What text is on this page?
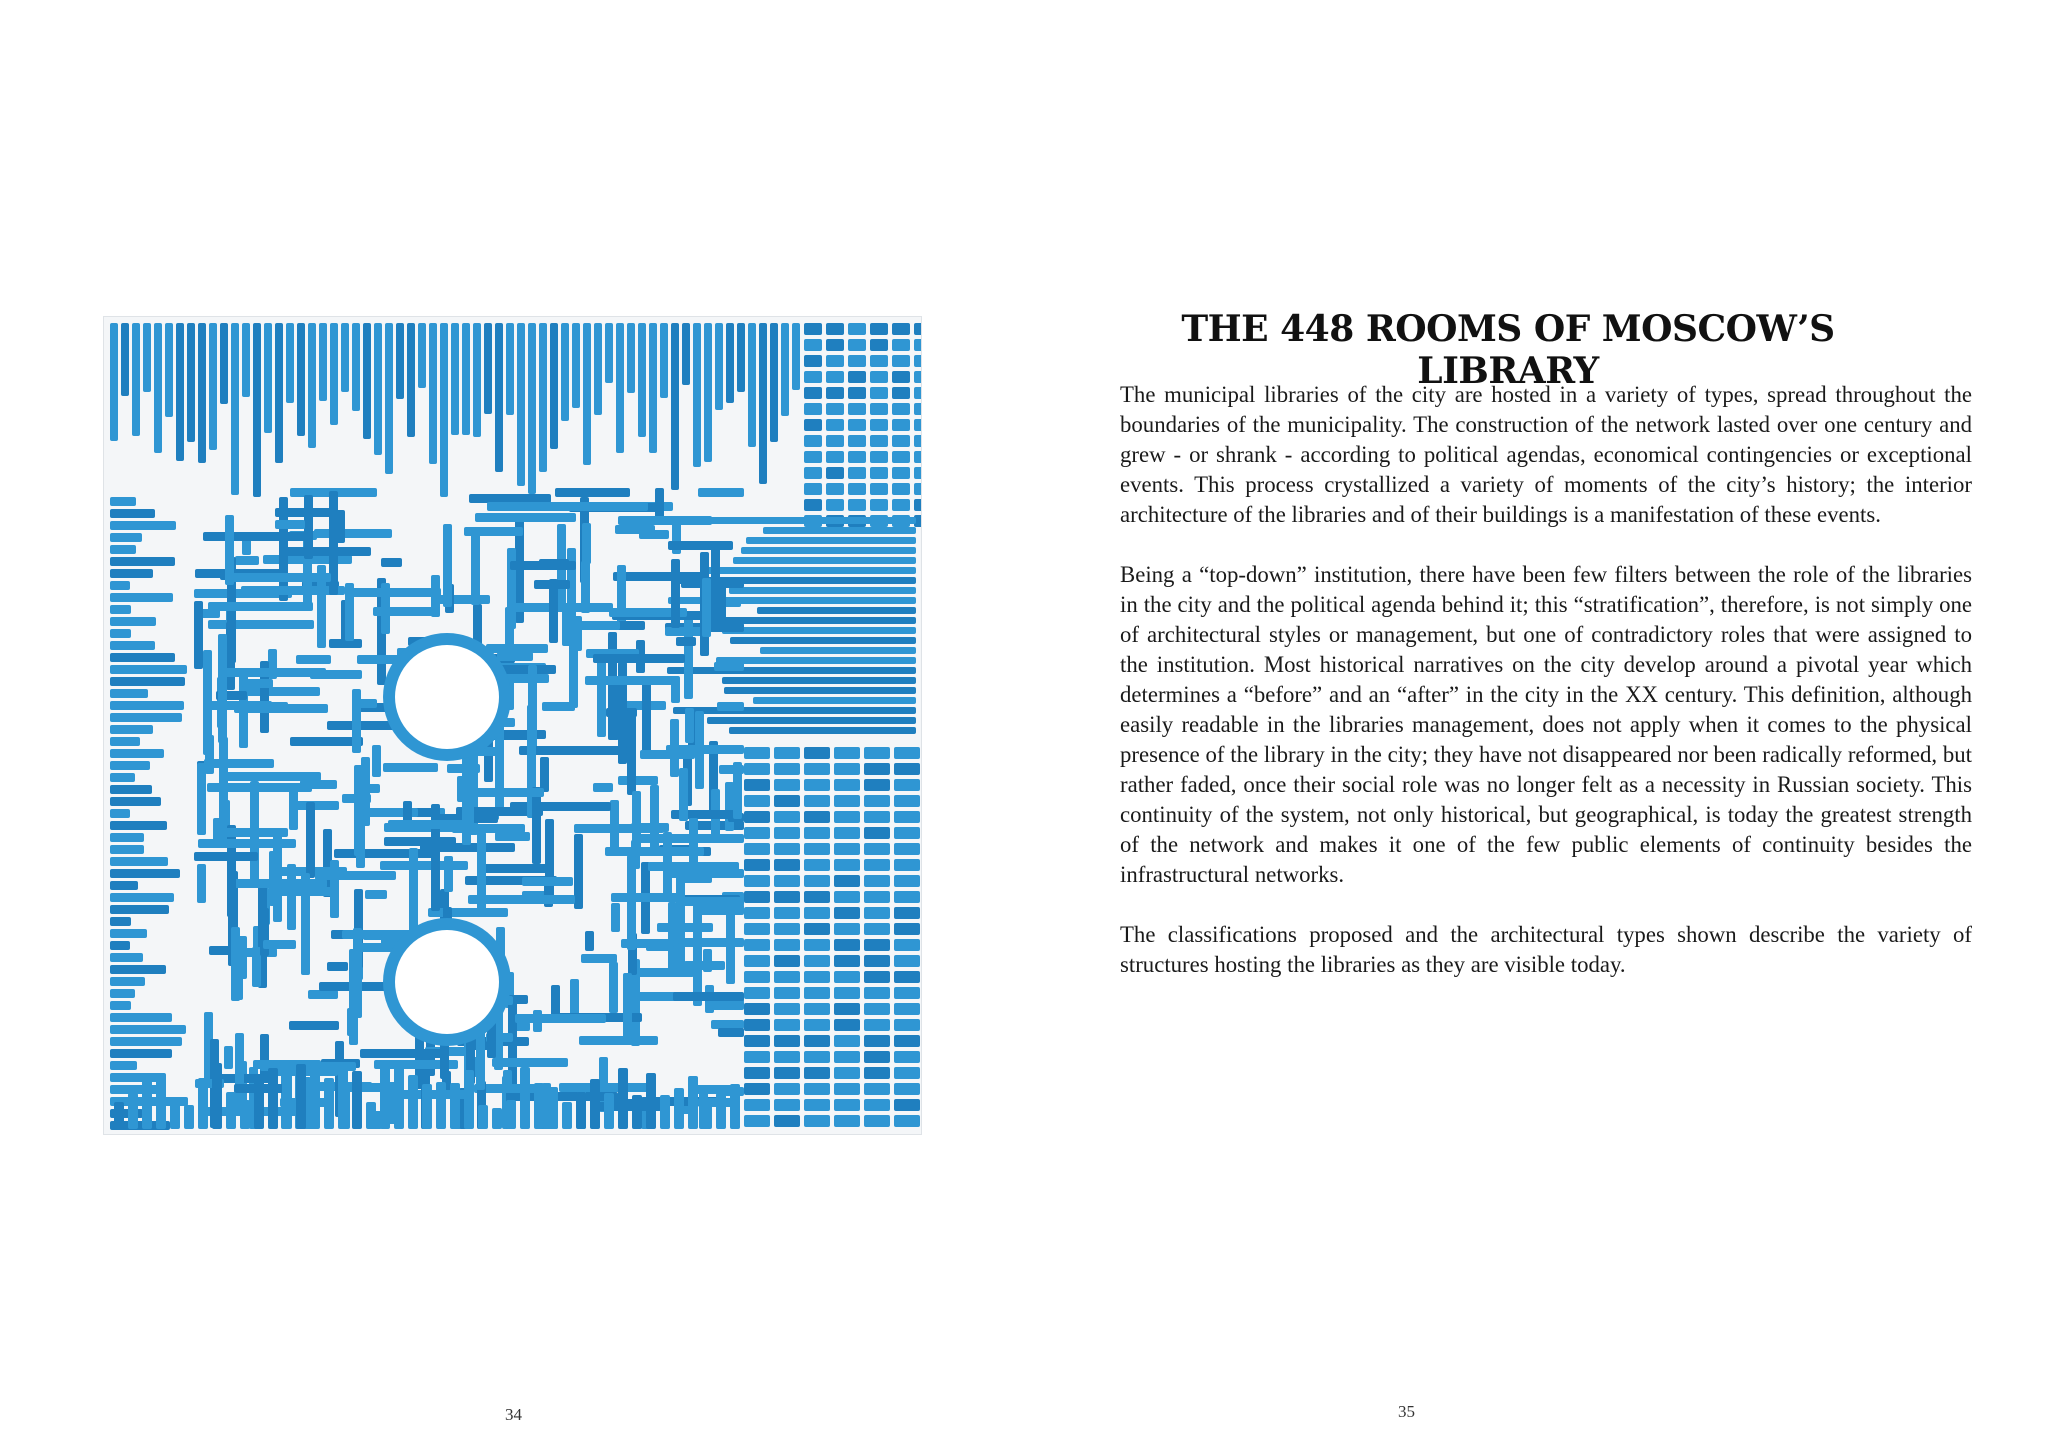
34
THE 448 ROOMS OF MOSCOW’S LIBRARY

The municipal libraries of the city are hosted in a variety of types, spread throughout the boundaries of the municipality. The construction of the network lasted over one century and grew - or shrank - according to political agendas, economical contingencies or exceptional events. This process crystallized a variety of moments of the city’s history; the interior architecture of the libraries and of their buildings is a manifestation of these events.

Being a “top-down” institution, there have been few filters between the role of the libraries in the city and the political agenda behind it; this “stratification”, therefore, is not simply one of architectural styles or management, but one of contradictory roles that were assigned to the institution. Most historical narratives on the city develop around a pivotal year which determines a “before” and an “after” in the city in the XX century. This definition, although easily readable in the libraries management, does not apply when it comes to the physical presence of the library in the city; they have not disappeared nor been radically reformed, but rather faded, once their social role was no longer felt as a necessity in Russian society. This continuity of the system, not only historical, but geographical, is today the greatest strength of the network and makes it one of the few public elements of continuity besides the infrastructural networks.

The classifications proposed and the architectural types shown describe the variety of structures hosting the libraries as they are visible today.

35
